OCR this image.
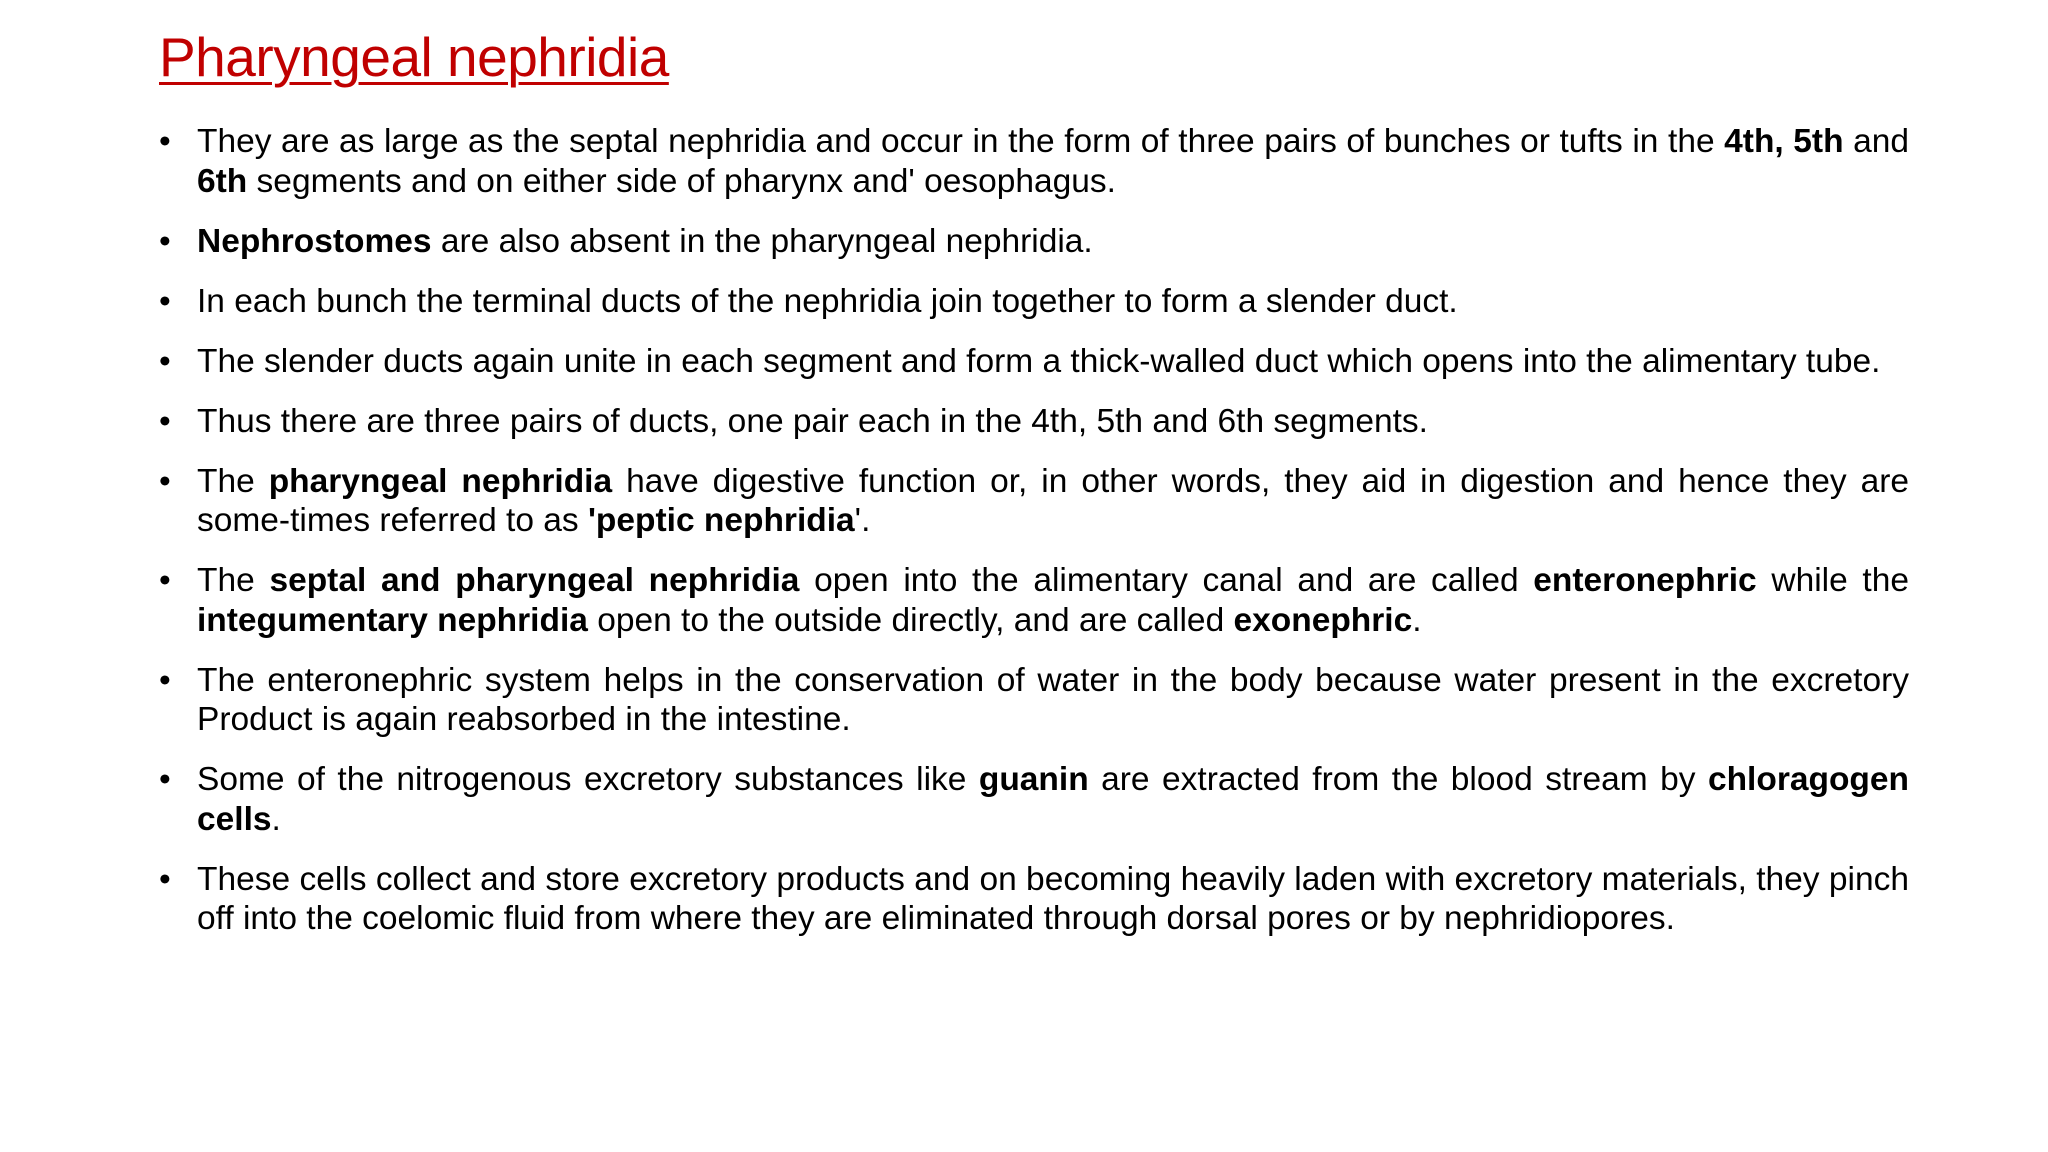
Pharyngeal nephridia
• They are as large as the septal nephridia and occur in the form of three pairs of bunches or tufts in the 4th, 5th and 6th segments and on either side of pharynx and' oesophagus.
• Nephrostomes are also absent in the pharyngeal nephridia.
• In each bunch the terminal ducts of the nephridia join together to form a slender duct.
• The slender ducts again unite in each segment and form a thick-walled duct which opens into the alimentary tube.
• Thus there are three pairs of ducts, one pair each in the 4th, 5th and 6th segments.
• The pharyngeal nephridia have digestive function or, in other words, they aid in digestion and hence they are some-times referred to as 'peptic nephridia'.
• The septal and pharyngeal nephridia open into the alimentary canal and are called enteronephric while the integumentary nephridia open to the outside directly, and are called exonephric.
• The enteronephric system helps in the conservation of water in the body because water present in the excretory Product is again reabsorbed in the intestine.
• Some of the nitrogenous excretory substances like guanin are extracted from the blood stream by chloragogen cells.
• These cells collect and store excretory products and on becoming heavily laden with excretory materials, they pinch off into the coelomic fluid from where they are eliminated through dorsal pores or by nephridiopores.
